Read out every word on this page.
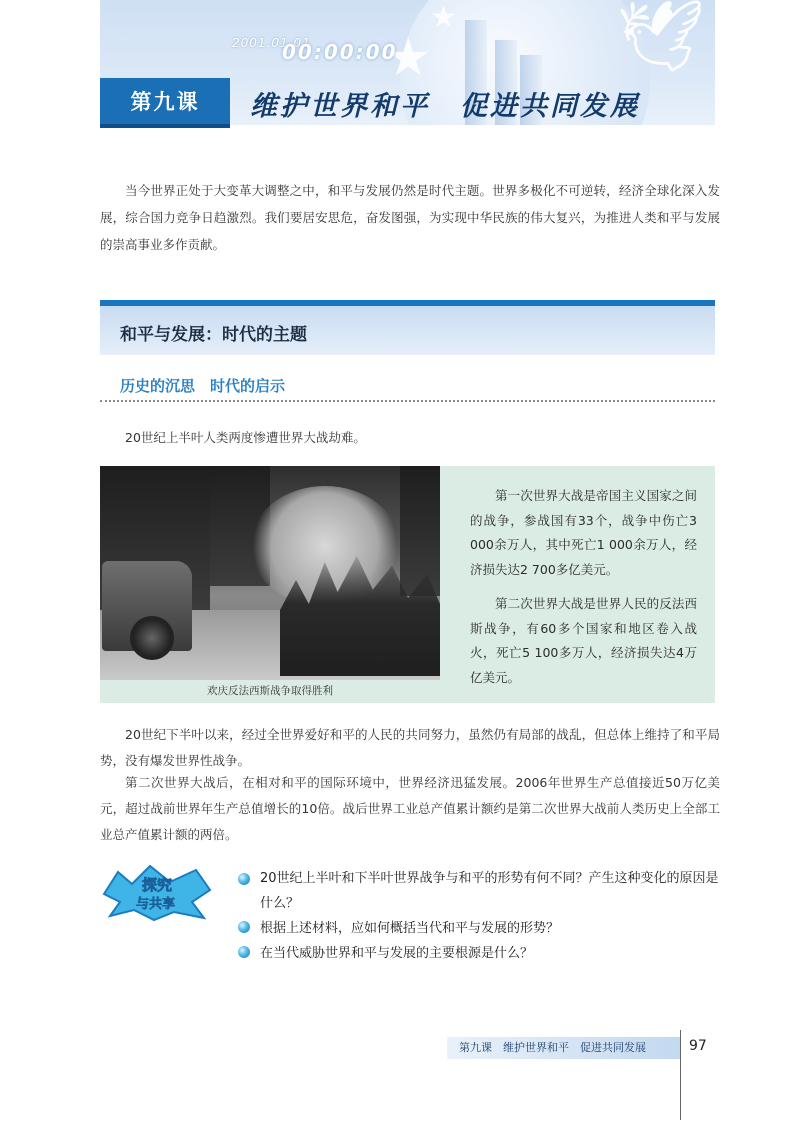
★
★ 🕊
2001.01.01
00:00:00
第九课 维护世界和平　促进共同发展

当今世界正处于大变革大调整之中，和平与发展仍然是时代主题。世界多极化不可逆转，经济全球化深入发展，综合国力竞争日趋激烈。我们要居安思危，奋发图强，为实现中华民族的伟大复兴，为推进人类和平与发展的崇高事业多作贡献。

和平与发展：时代的主题
历史的沉思　时代的启示

20世纪上半叶人类两度惨遭世界大战劫难。

欢庆反法西斯战争取得胜利

第一次世界大战是帝国主义国家之间的战争，参战国有33个，战争中伤亡3 000余万人，其中死亡1 000余万人，经济损失达2 700多亿美元。

第二次世界大战是世界人民的反法西斯战争，有60多个国家和地区卷入战火，死亡5 100多万人，经济损失达4万亿美元。

20世纪下半叶以来，经过全世界爱好和平的人民的共同努力，虽然仍有局部的战乱，但总体上维持了和平局势，没有爆发世界性战争。

第二次世界大战后，在相对和平的国际环境中，世界经济迅猛发展。2006年世界生产总值接近50万亿美元，超过战前世界年生产总值增长的10倍。战后世界工业总产值累计额约是第二次世界大战前人类历史上全部工业总产值累计额的两倍。

探究
与共享
20世纪上半叶和下半叶世界战争与和平的形势有何不同？产生这种变化的原因是什么？
根据上述材料，应如何概括当代和平与发展的形势？
在当代威胁世界和平与发展的主要根源是什么？
第九课　维护世界和平　促进共同发展	97
